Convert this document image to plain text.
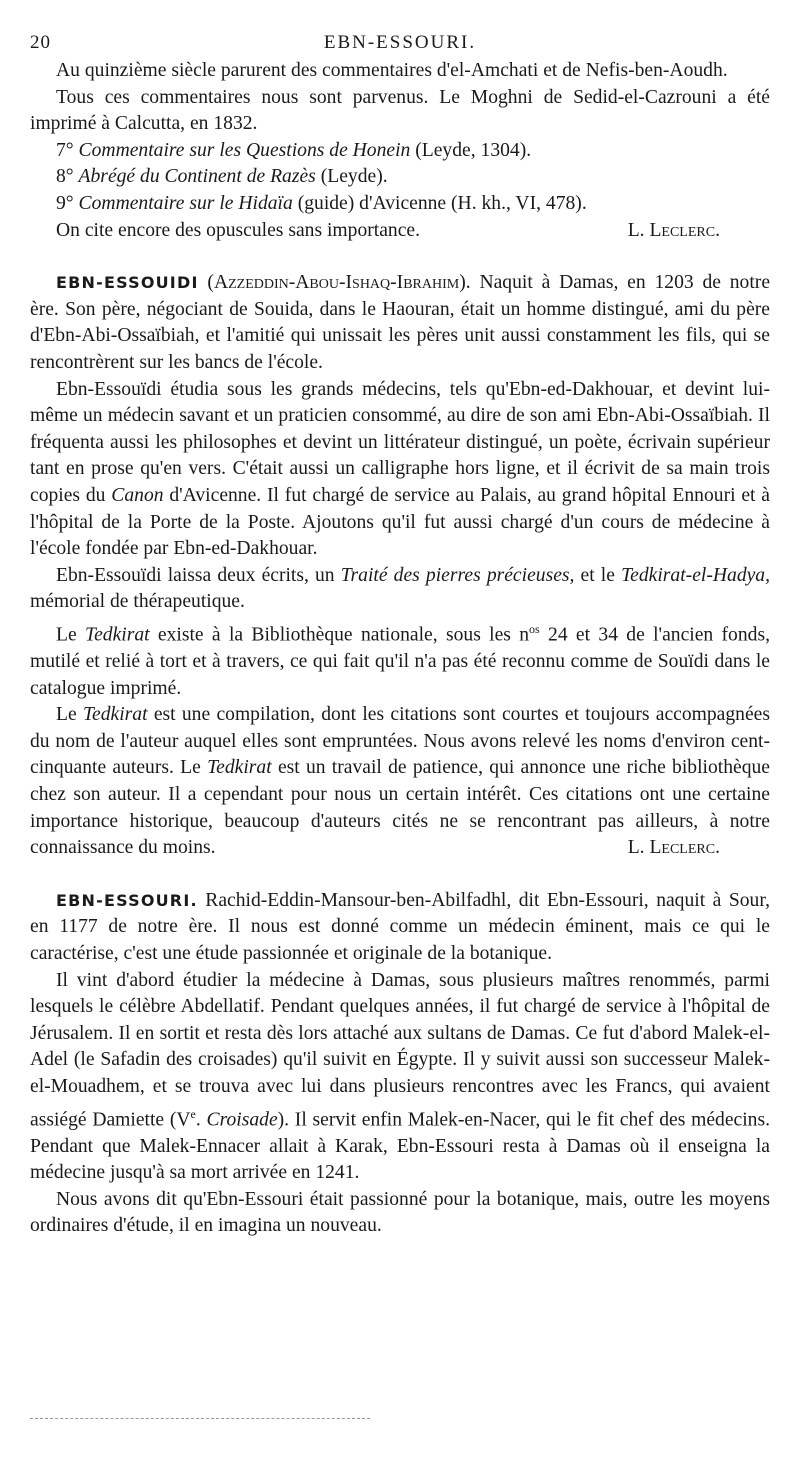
20	EBN-ESSOURI.

Au quinzième siècle parurent des commentaires d'el-Amchati et de Nefis-ben-Aoudh.

Tous ces commentaires nous sont parvenus. Le Moghni de Sedid-el-Cazrouni a été imprimé à Calcutta, en 1832.

7° Commentaire sur les Questions de Honein (Leyde, 1304).

8° Abrégé du Continent de Razès (Leyde).

9° Commentaire sur le Hidaïa (guide) d'Avicenne (H. kh., VI, 478).

On cite encore des opuscules sans importance.	L. Leclerc.

EBN-ESSOUIDI (Azzeddin-Abou-Ishaq-Ibrahim). Naquit à Damas, en 1203 de notre ère. Son père, négociant de Souida, dans le Haouran, était un homme distingué, ami du père d'Ebn-Abi-Ossaïbiah, et l'amitié qui unissait les pères unit aussi constamment les fils, qui se rencontrèrent sur les bancs de l'école.

Ebn-Essouïdi étudia sous les grands médecins, tels qu'Ebn-ed-Dakhouar, et devint lui-même un médecin savant et un praticien consommé, au dire de son ami Ebn-Abi-Ossaïbiah. Il fréquenta aussi les philosophes et devint un littérateur distingué, un poète, écrivain supérieur tant en prose qu'en vers. C'était aussi un calligraphe hors ligne, et il écrivit de sa main trois copies du Canon d'Avicenne. Il fut chargé de service au Palais, au grand hôpital Ennouri et à l'hôpital de la Porte de la Poste. Ajoutons qu'il fut aussi chargé d'un cours de médecine à l'école fondée par Ebn-ed-Dakhouar.

Ebn-Essouïdi laissa deux écrits, un Traité des pierres précieuses, et le Tedkirat-el-Hadya, mémorial de thérapeutique.

Le Tedkirat existe à la Bibliothèque nationale, sous les $n^{os}$ 24 et 34 de l'ancien fonds, mutilé et relié à tort et à travers, ce qui fait qu'il n'a pas été reconnu comme de Souïdi dans le catalogue imprimé.

Le Tedkirat est une compilation, dont les citations sont courtes et toujours accompagnées du nom de l'auteur auquel elles sont empruntées. Nous avons relevé les noms d'environ cent-cinquante auteurs. Le Tedkirat est un travail de patience, qui annonce une riche bibliothèque chez son auteur. Il a cependant pour nous un certain intérêt. Ces citations ont une certaine importance historique, beaucoup d'auteurs cités ne se rencontrant pas ailleurs, à notre connaissance du moins.	L. Leclerc.

EBN-ESSOURI. Rachid-Eddin-Mansour-ben-Abilfadhl, dit Ebn-Essouri, naquit à Sour, en 1177 de notre ère. Il nous est donné comme un médecin éminent, mais ce qui le caractérise, c'est une étude passionnée et originale de la botanique.

Il vint d'abord étudier la médecine à Damas, sous plusieurs maîtres renommés, parmi lesquels le célèbre Abdellatif. Pendant quelques années, il fut chargé de service à l'hôpital de Jérusalem. Il en sortit et resta dès lors attaché aux sultans de Damas. Ce fut d'abord Malek-el-Adel (le Safadin des croisades) qu'il suivit en Égypte. Il y suivit aussi son successeur Malek-el-Mouadhem, et se trouva avec lui dans plusieurs rencontres avec les Francs, qui avaient assiégé Damiette (Ve. Croisade). Il servit enfin Malek-en-Nacer, qui le fit chef des médecins. Pendant que Malek-Ennacer allait à Karak, Ebn-Essouri resta à Damas où il enseigna la médecine jusqu'à sa mort arrivée en 1241.

Nous avons dit qu'Ebn-Essouri était passionné pour la botanique, mais, outre les moyens ordinaires d'étude, il en imagina un nouveau.
